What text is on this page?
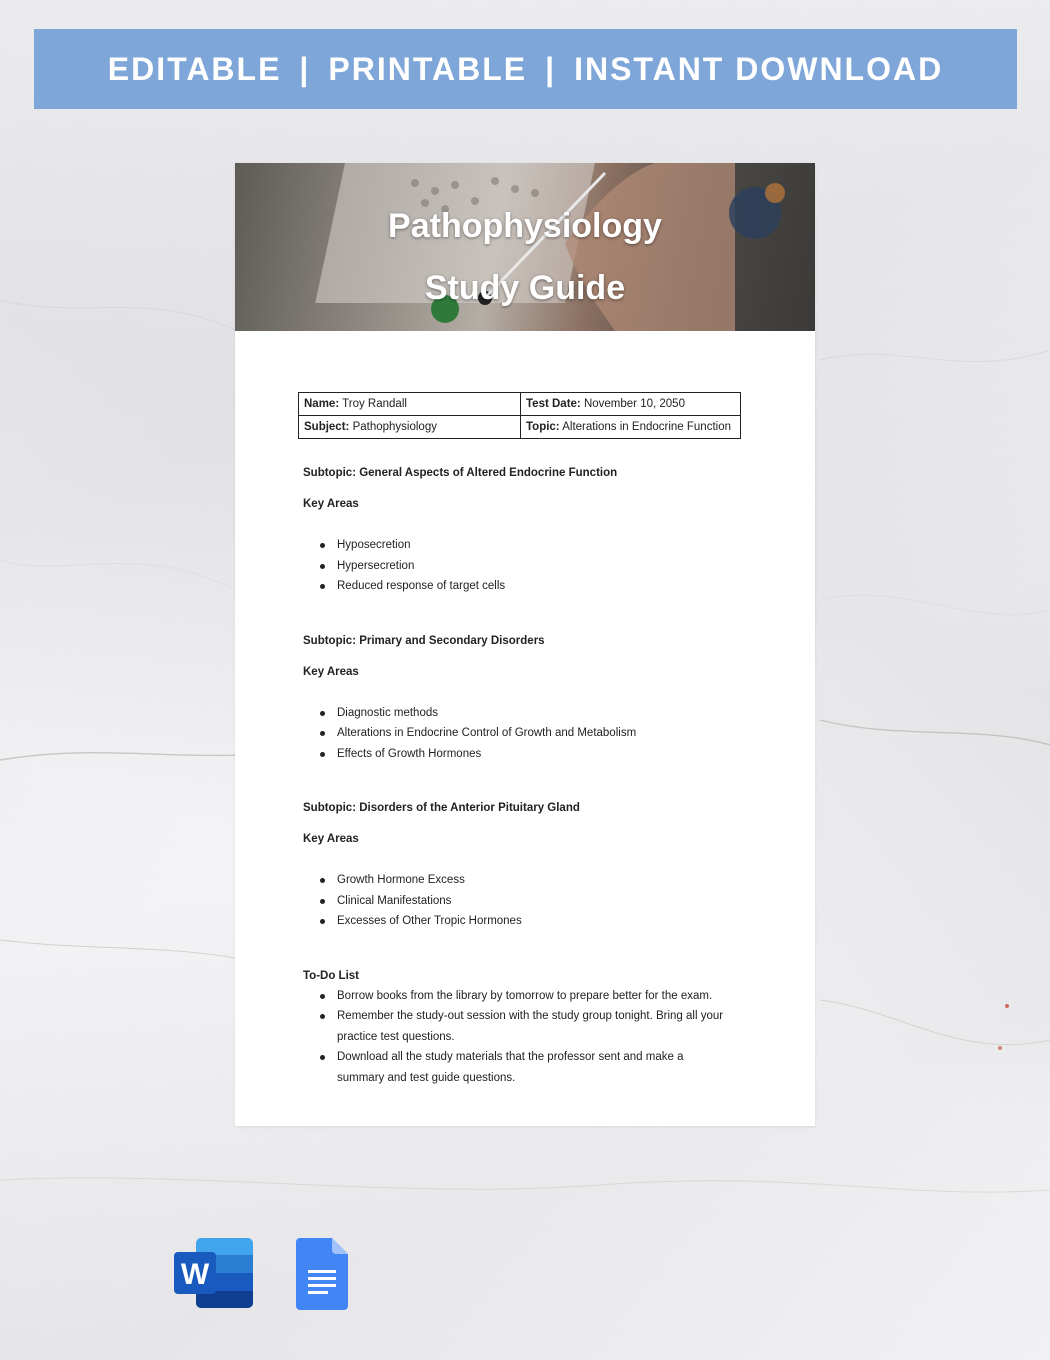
EDITABLE | PRINTABLE | INSTANT DOWNLOAD
Pathophysiology
Study Guide
Name: Troy Randall	Test Date: November 10, 2050
Subject: Pathophysiology	Topic: Alterations in Endocrine Function
Subtopic: General Aspects of Altered Endocrine Function
Key Areas
Hyposecretion
Hypersecretion
Reduced response of target cells
Subtopic: Primary and Secondary Disorders
Key Areas
Diagnostic methods
Alterations in Endocrine Control of Growth and Metabolism
Effects of Growth Hormones
Subtopic: Disorders of the Anterior Pituitary Gland
Key Areas
Growth Hormone Excess
Clinical Manifestations
Excesses of Other Tropic Hormones
To-Do List
Borrow books from the library by tomorrow to prepare better for the exam.
Remember the study-out session with the study group tonight. Bring all your practice test questions.
Download all the study materials that the professor sent and make a summary and test guide questions.
W
